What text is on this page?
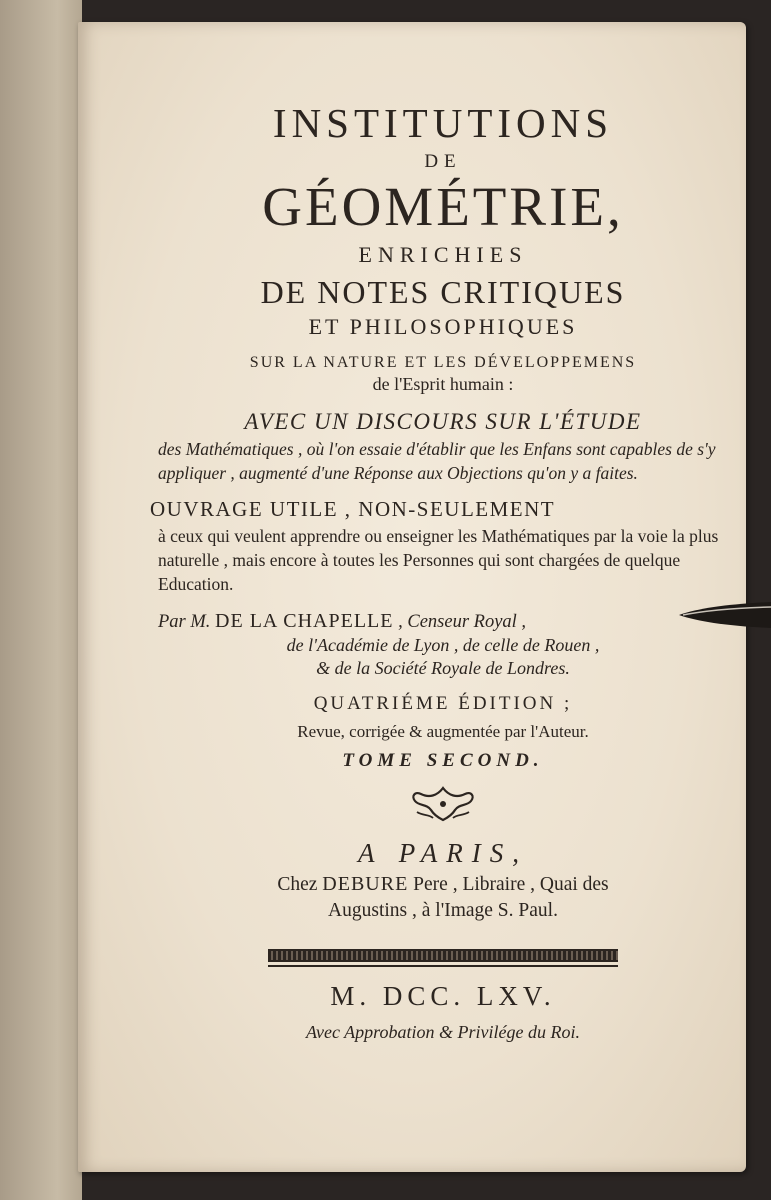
INSTITUTIONS
DE
GÉOMÉTRIE,
ENRICHIES
DE NOTES CRITIQUES
ET PHILOSOPHIQUES
SUR LA NATURE ET LES DÉVELOPPEMENS
de l'Esprit humain :
AVEC UN DISCOURS SUR L'ÉTUDE
des Mathématiques , où l'on essaie d'établir que les Enfans sont capables de s'y appliquer , augmenté d'une Réponse aux Objections qu'on y a faites.
OUVRAGE UTILE , NON-SEULEMENT
à ceux qui veulent apprendre ou enseigner les Mathématiques par la voie la plus naturelle , mais encore à toutes les Personnes qui sont chargées de quelque Education.
Par M. DE LA CHAPELLE , Censeur Royal ,
de l'Académie de Lyon , de celle de Rouen ,
& de la Société Royale de Londres.
QUATRIÉME ÉDITION ;
Revue, corrigée & augmentée par l'Auteur.
TOME SECOND.
A PARIS,
Chez DEBURE Pere , Libraire , Quai des
Augustins , à l'Image S. Paul.
M. DCC. LXV.
Avec Approbation & Privilége du Roi.
